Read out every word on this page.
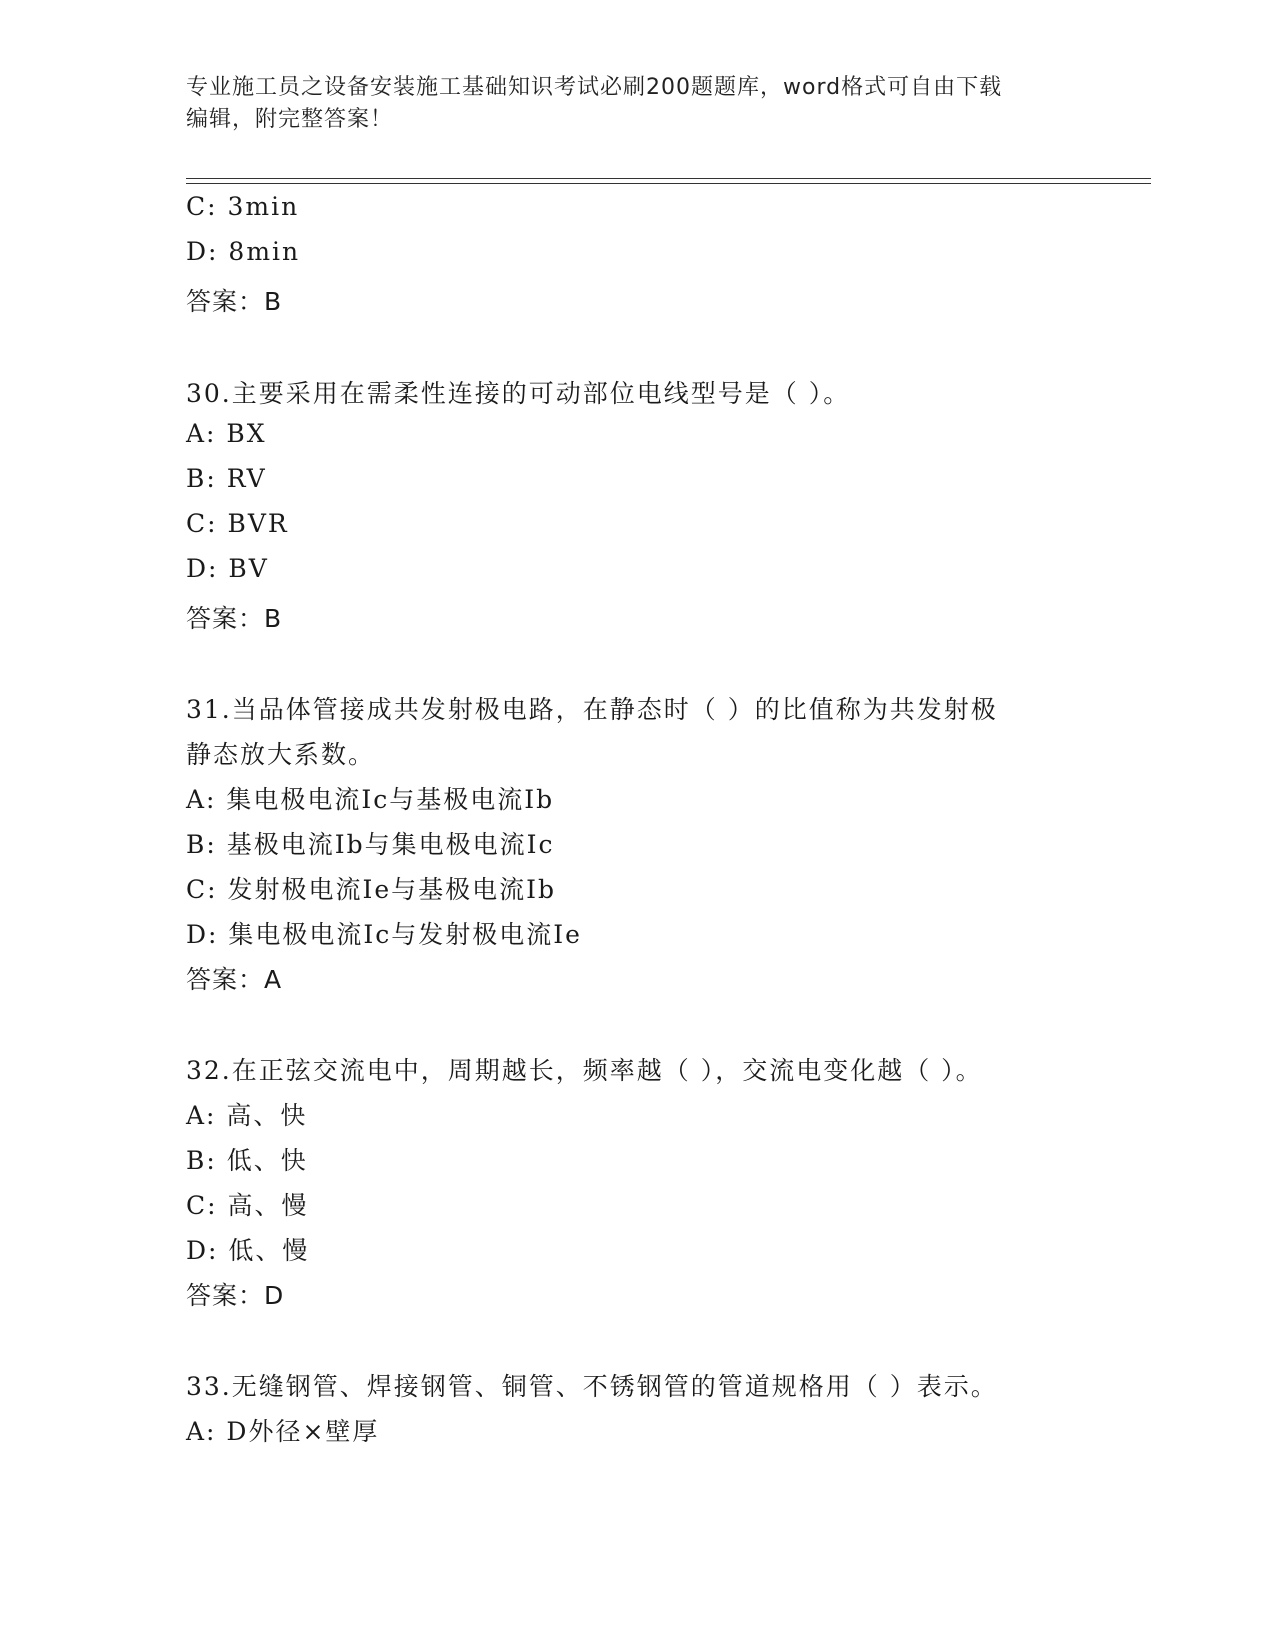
专业施工员之设备安装施工基础知识考试必刷200题题库，word格式可自由下载
编辑，附完整答案！
C: 3min
D: 8min
答案：B
30.主要采用在需柔性连接的可动部位电线型号是（ ）。
A: BX
B: RV
C: BVR
D: BV
答案：B
31.当品体管接成共发射极电路，在静态时（ ）的比值称为共发射极
静态放大系数。
A: 集电极电流Ic与基极电流Ib
B: 基极电流Ib与集电极电流Ic
C: 发射极电流Ie与基极电流Ib
D: 集电极电流Ic与发射极电流Ie
答案：A
32.在正弦交流电中，周期越长，频率越（ ），交流电变化越（ ）。
A: 高、快
B: 低、快
C: 高、慢
D: 低、慢
答案：D
33.无缝钢管、焊接钢管、铜管、不锈钢管的管道规格用（ ）表示。
A: D外径×壁厚
